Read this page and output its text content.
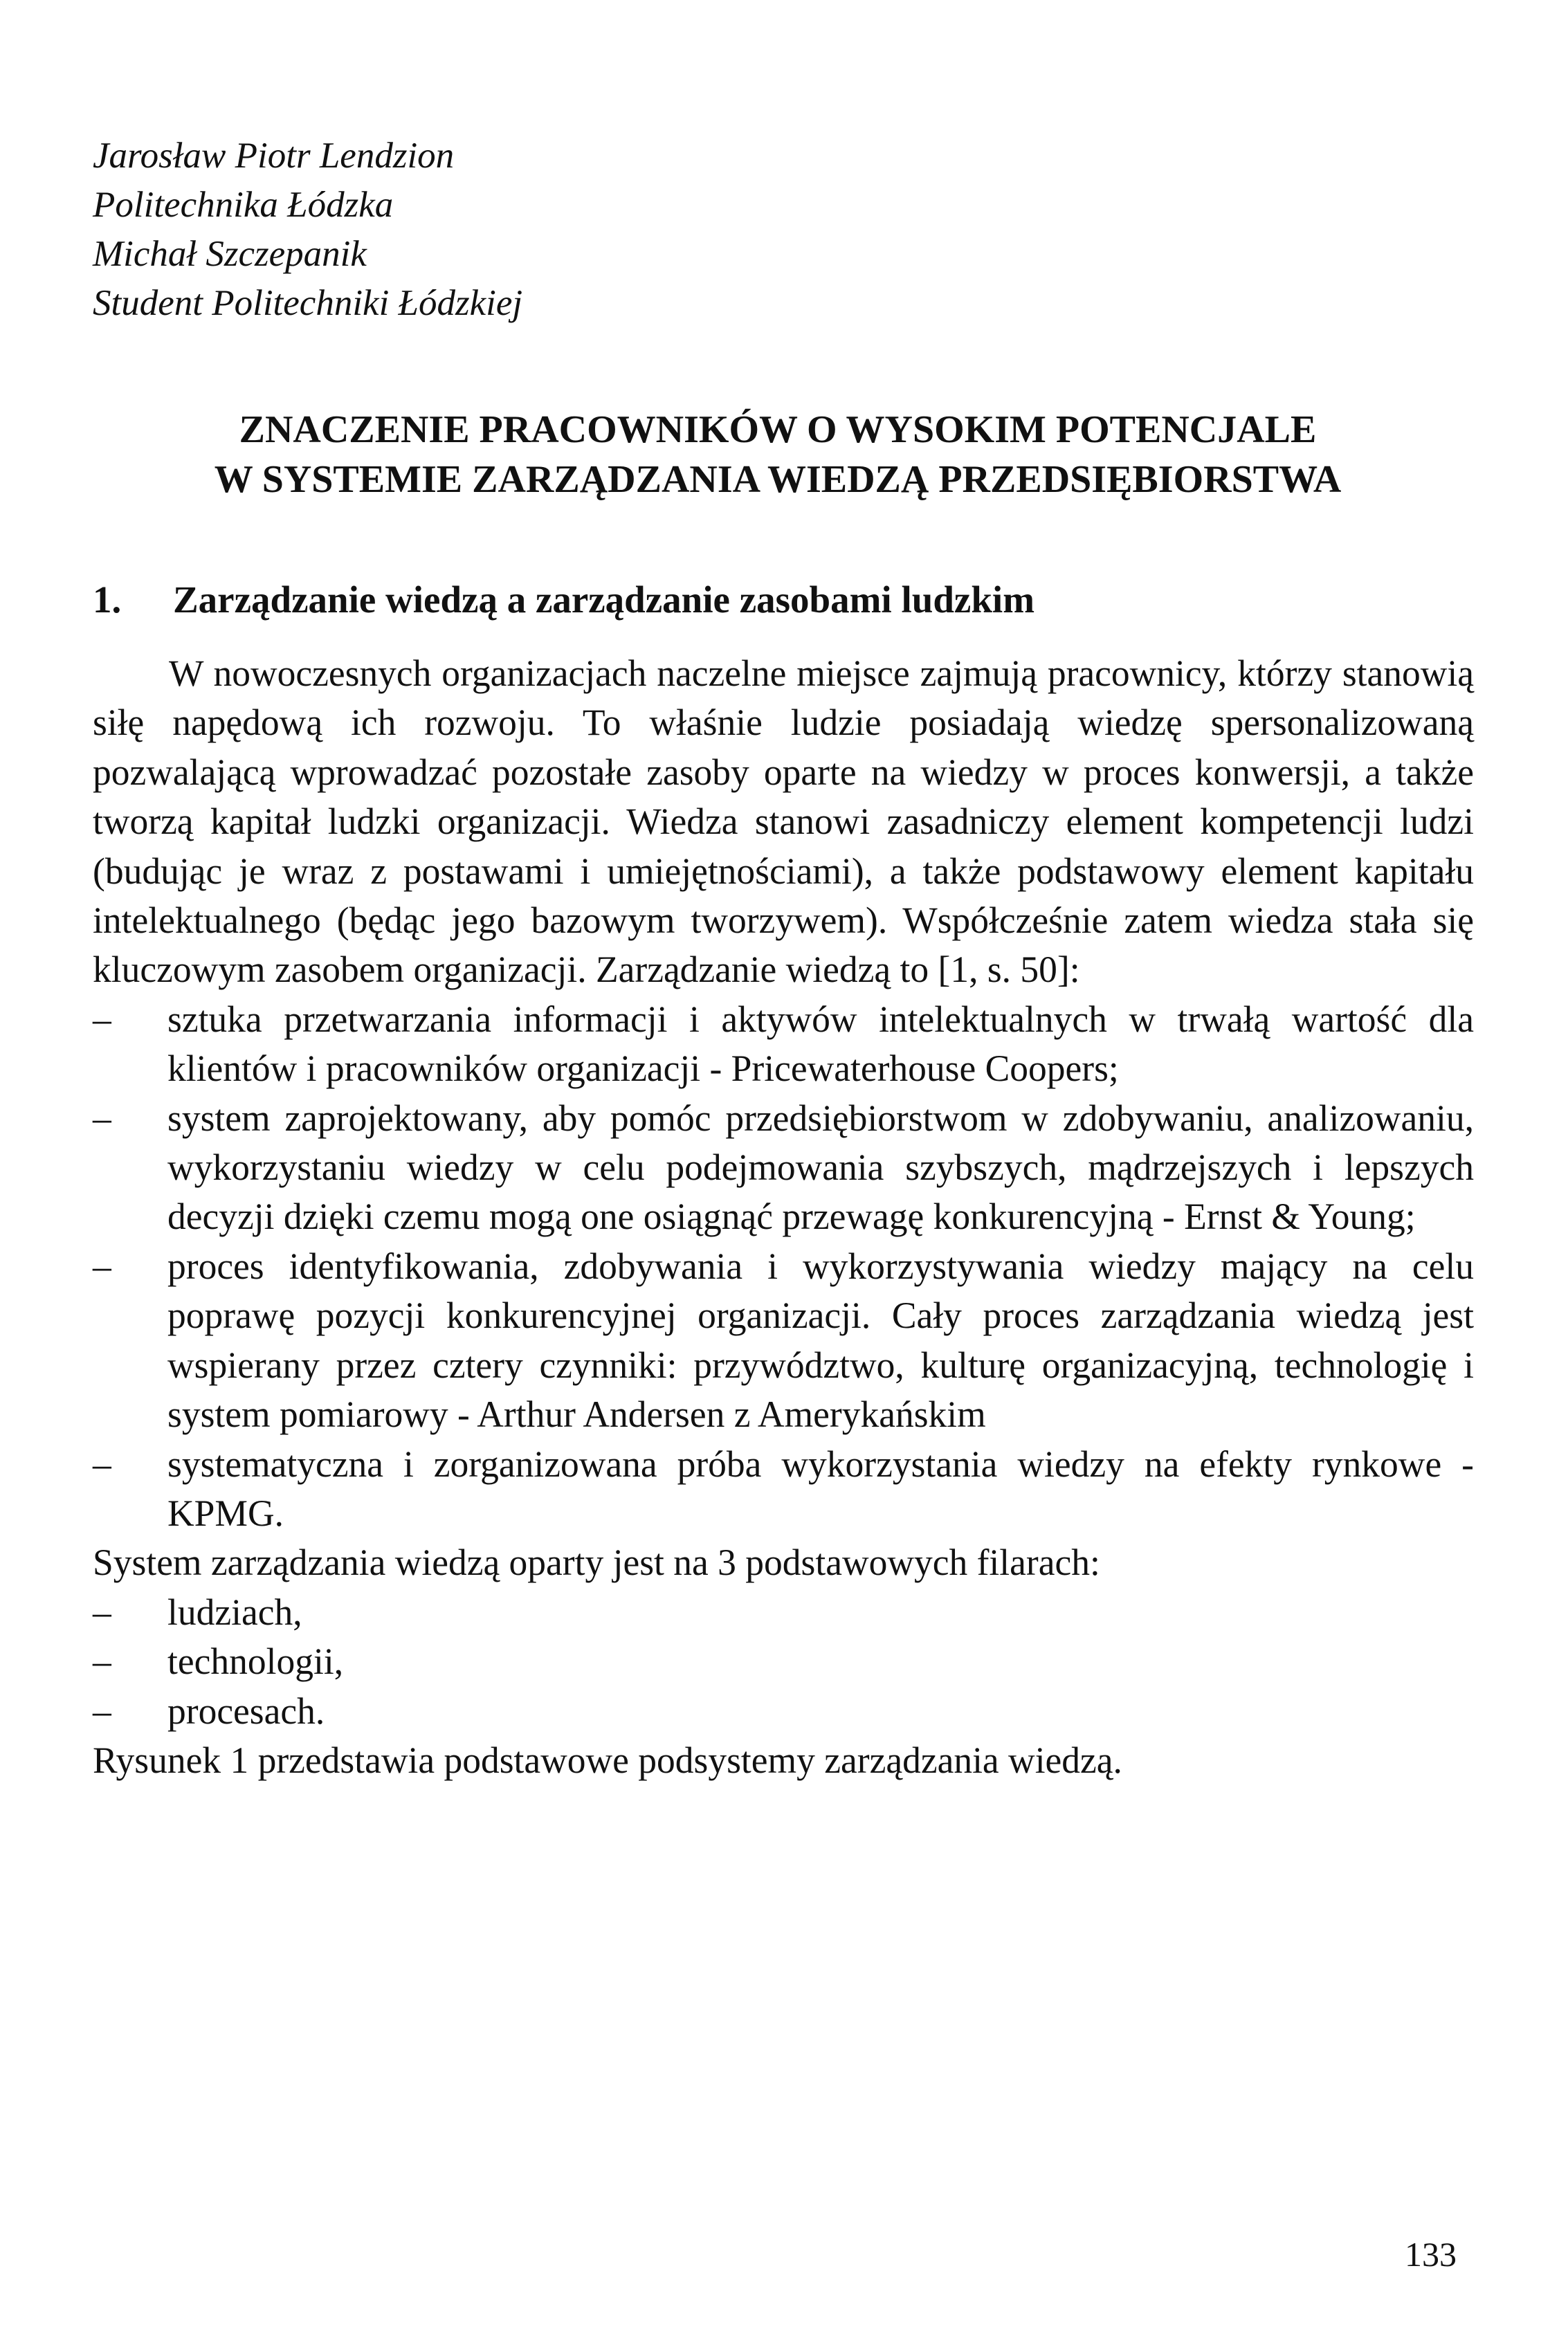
Jarosław Piotr Lendzion
Politechnika Łódzka
Michał Szczepanik
Student Politechniki Łódzkiej
ZNACZENIE PRACOWNIKÓW O WYSOKIM POTENCJALE
W SYSTEMIE ZARZĄDZANIA WIEDZĄ PRZEDSIĘBIORSTWA
1. Zarządzanie wiedzą a zarządzanie zasobami ludzkim

W nowoczesnych organizacjach naczelne miejsce zajmują pracownicy, którzy stanowią siłę napędową ich rozwoju. To właśnie ludzie posiadają wiedzę spersonalizowaną pozwalającą wprowadzać pozostałe zasoby oparte na wiedzy w proces konwersji, a także tworzą kapitał ludzki organizacji. Wiedza stanowi zasadniczy element kompetencji ludzi (budując je wraz z postawami i umiejętnościami), a także podstawowy element kapitału intelektualnego (będąc jego bazowym tworzywem). Współcześnie zatem wiedza stała się kluczowym zasobem organizacji. Zarządzanie wiedzą to [1, s. 50]:

–	sztuka przetwarzania informacji i aktywów intelektualnych w trwałą wartość dla klientów i pracowników organizacji - Pricewaterhouse Coopers;
–	system zaprojektowany, aby pomóc przedsiębiorstwom w zdobywaniu, analizowaniu, wykorzystaniu wiedzy w celu podejmowania szybszych, mądrzejszych i lepszych decyzji dzięki czemu mogą one osiągnąć przewagę konkurencyjną - Ernst & Young;
–	proces identyfikowania, zdobywania i wykorzystywania wiedzy mający na celu poprawę pozycji konkurencyjnej organizacji. Cały proces zarządzania wiedzą jest wspierany przez cztery czynniki: przywództwo, kulturę organizacyjną, technologię i system pomiarowy - Arthur Andersen z Amerykańskim
–	systematyczna i zorganizowana próba wykorzystania wiedzy na efekty rynkowe - KPMG.

System zarządzania wiedzą oparty jest na 3 podstawowych filarach:

–	ludziach,
–	technologii,
–	procesach.

Rysunek 1 przedstawia podstawowe podsystemy zarządzania wiedzą.

133
